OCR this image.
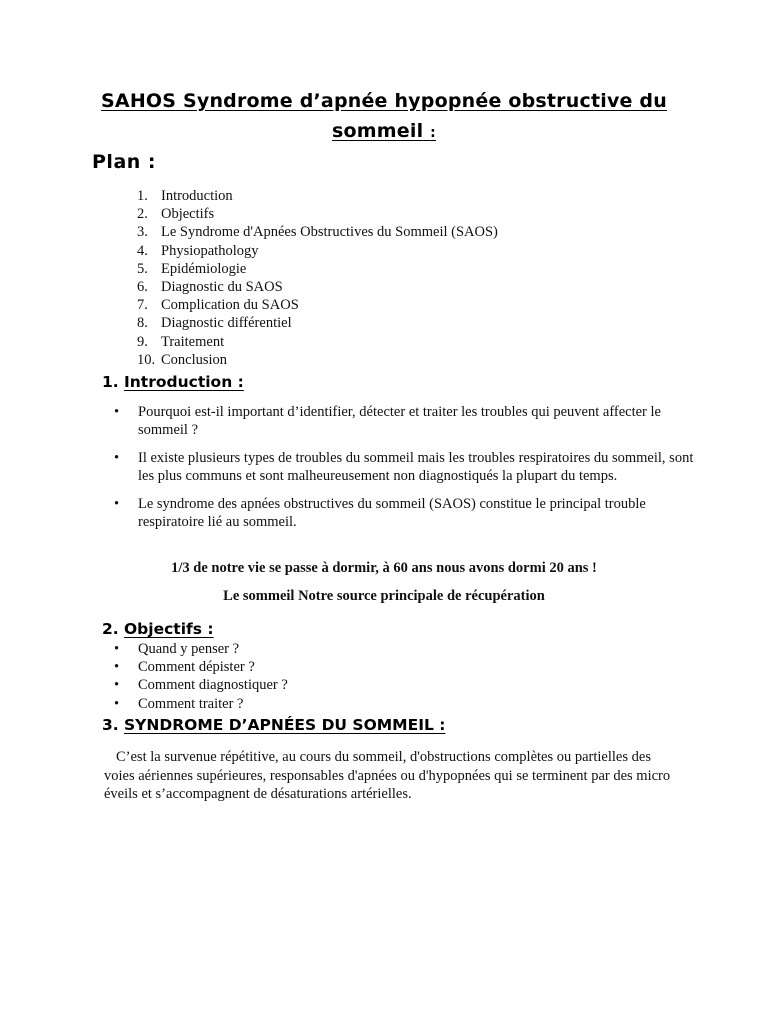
SAHOS Syndrome d’apnée hypopnée obstructive du sommeil :
Plan :
1. Introduction
2. Objectifs
3. Le Syndrome d'Apnées Obstructives du Sommeil (SAOS)
4. Physiopathology
5. Epidémiologie
6. Diagnostic du SAOS
7. Complication du SAOS
8. Diagnostic différentiel
9. Traitement
10. Conclusion
1. Introduction :
• Pourquoi est-il important d’identifier, détecter et traiter les troubles qui peuvent affecter le sommeil ?
• Il existe plusieurs types de troubles du sommeil mais les troubles respiratoires du sommeil, sont les plus communs et sont malheureusement non diagnostiqués la plupart du temps.
• Le syndrome des apnées obstructives du sommeil (SAOS) constitue le principal trouble respiratoire lié au sommeil.
1/3 de notre vie se passe à dormir, à 60 ans nous avons dormi 20 ans !
Le sommeil Notre source principale de récupération
2. Objectifs :
• Quand y penser ?
• Comment dépister ?
• Comment diagnostiquer ?
• Comment traiter ?
3. SYNDROME D’APNÉES DU SOMMEIL :

C’est la survenue répétitive, au cours du sommeil, d'obstructions complètes ou partielles des voies aériennes supérieures, responsables d'apnées ou d'hypopnées qui se terminent par des micro éveils et s’accompagnent de désaturations artérielles.
